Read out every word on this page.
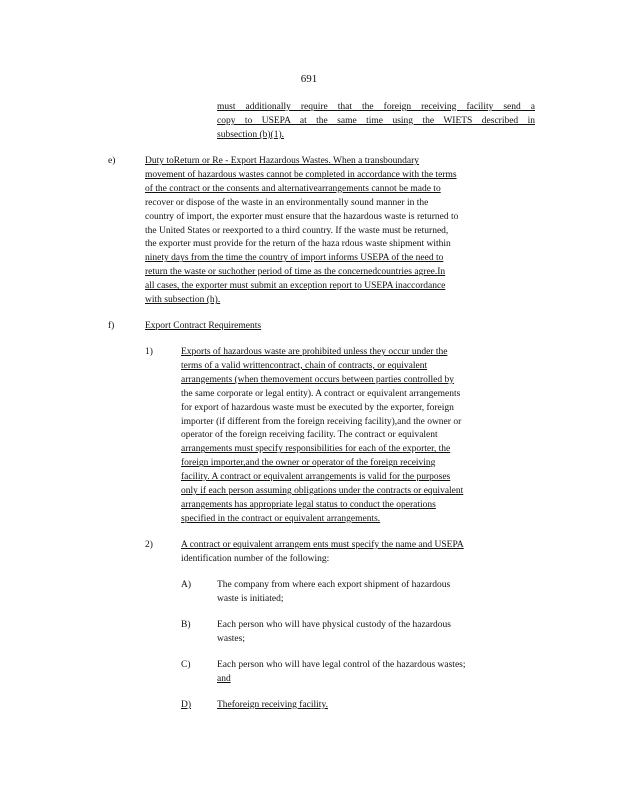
691
must additionally require that the foreign receiving facility send a
copy to USEPA at the same time using the WIETS described in
subsection (b)(1).
e)	Duty toReturn or Re - Export Hazardous Wastes. When a transboundary
movement of hazardous wastes cannot be completed in accordance with the terms
of the contract or the consents and alternativearrangements cannot be made to
recover or dispose of the waste in an environmentally sound manner in the
country of import, the exporter must ensure that the hazardous waste is returned to
the United States or reexported to a third country. If the waste must be returned,
the exporter must provide for the return of the haza rdous waste shipment within
ninety days from the time the country of import informs USEPA of the need to
return the waste or suchother period of time as the concernedcountries agree.In
all cases, the exporter must submit an exception report to USEPA inaccordance
with subsection (h).
f)	Export Contract Requirements
1)	Exports of hazardous waste are prohibited unless they occur under the
terms of a valid writtencontract, chain of contracts, or equivalent
arrangements (when themovement occurs between parties controlled by
the same corporate or legal entity). A contract or equivalent arrangements
for export of hazardous waste must be executed by the exporter, foreign
importer (if different from the foreign receiving facility),and the owner or
operator of the foreign receiving facility. The contract or equivalent
arrangements must specify responsibilities for each of the exporter, the
foreign importer,and the owner or operator of the foreign receiving
facility. A contract or equivalent arrangements is valid for the purposes
only if each person assuming obligations under the contracts or equivalent
arrangements has appropriate legal status to conduct the operations
specified in the contract or equivalent arrangements.
2)	A contract or equivalent arrangem ents must specify the name and USEPA
identification number of the following:
A)	The company from where each export shipment of hazardous
waste is initiated;
B)	Each person who will have physical custody of the hazardous
wastes;
C)	Each person who will have legal control of the hazardous wastes;
and
D)	Theforeign receiving facility.
